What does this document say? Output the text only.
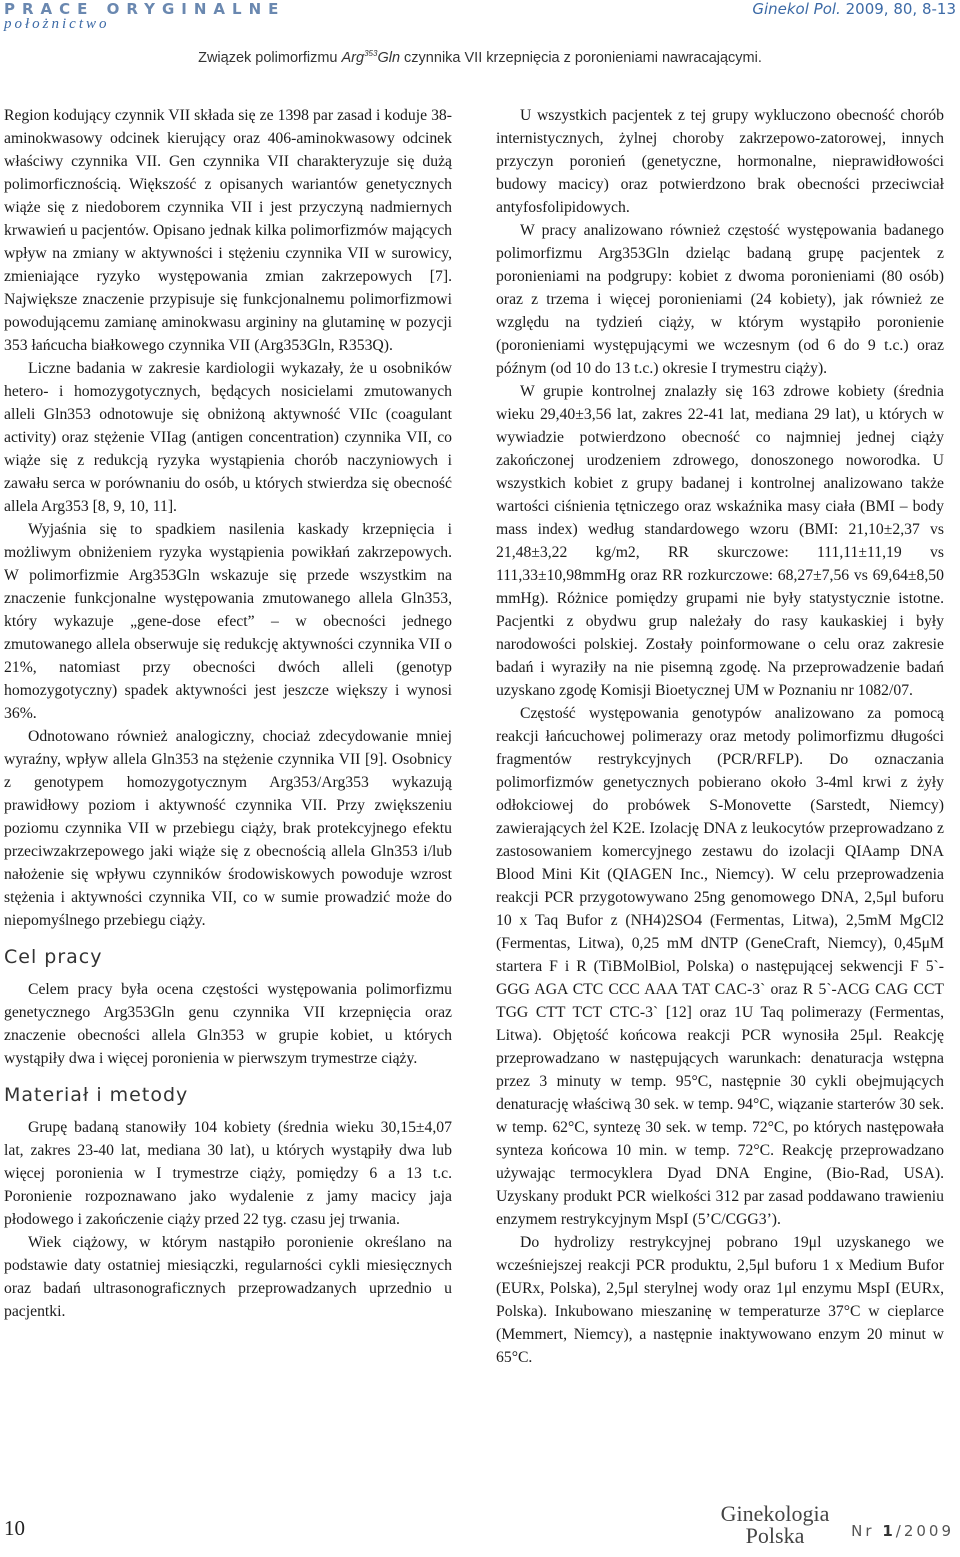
PRACE ORYGINALNE
położnictwo
Ginekol Pol. 2009, 80, 8-13
Związek polimorfizmu Arg$^{353}$Gln czynnika VII krzepnięcia z poronieniami nawracającymi.

Region kodujący czynnik VII składa się ze 1398 par zasad i koduje 38-aminokwasowy odcinek kierujący oraz 406-aminokwasowy odcinek właściwy czynnika VII. Gen czynnika VII charakteryzuje się dużą polimorficznością. Większość z opisanych wariantów genetycznych wiąże się z niedoborem czynnika VII i jest przyczyną nadmiernych krwawień u pacjentów. Opisano jednak kilka polimorfizmów mających wpływ na zmiany w aktywności i stężeniu czynnika VII w surowicy, zmieniające ryzyko występowania zmian zakrzepowych [7]. Największe znaczenie przypisuje się funkcjonalnemu polimorfizmowi powodującemu zamianę aminokwasu argininy na glutaminę w pozycji 353 łańcucha białkowego czynnika VII (Arg353Gln, R353Q).

Liczne badania w zakresie kardiologii wykazały, że u osobników hetero- i homozygotycznych, będących nosicielami zmutowanych alleli Gln353 odnotowuje się obniżoną aktywność VIIc (coagulant activity) oraz stężenie VIIag (antigen concentration) czynnika VII, co wiąże się z redukcją ryzyka wystąpienia chorób naczyniowych i zawału serca w porównaniu do osób, u których stwierdza się obecność allela Arg353 [8, 9, 10, 11].

Wyjaśnia się to spadkiem nasilenia kaskady krzepnięcia i możliwym obniżeniem ryzyka wystąpienia powikłań zakrzepowych. W polimorfizmie Arg353Gln wskazuje się przede wszystkim na znaczenie funkcjonalne występowania zmutowanego allela Gln353, który wykazuje „gene-dose efect” – w obecności jednego zmutowanego allela obserwuje się redukcję aktywności czynnika VII o 21%, natomiast przy obecności dwóch alleli (genotyp homozygotyczny) spadek aktywności jest jeszcze większy i wynosi 36%.

Odnotowano również analogiczny, chociaż zdecydowanie mniej wyraźny, wpływ allela Gln353 na stężenie czynnika VII [9]. Osobnicy z genotypem homozygotycznym Arg353/Arg353 wykazują prawidłowy poziom i aktywność czynnika VII. Przy zwiększeniu poziomu czynnika VII w przebiegu ciąży, brak protekcyjnego efektu przeciwzakrzepowego jaki wiąże się z obecnością allela Gln353 i/lub nałożenie się wpływu czynników środowiskowych powoduje wzrost stężenia i aktywności czynnika VII, co w sumie prowadzić może do niepomyślnego przebiegu ciąży.

Cel pracy

Celem pracy była ocena częstości występowania polimorfizmu genetycznego Arg353Gln genu czynnika VII krzepnięcia oraz znaczenie obecności allela Gln353 w grupie kobiet, u których wystąpiły dwa i więcej poronienia w pierwszym trymestrze ciąży.

Materiał i metody

Grupę badaną stanowiły 104 kobiety (średnia wieku 30,15±4,07 lat, zakres 23-40 lat, mediana 30 lat), u których wystąpiły dwa lub więcej poronienia w I trymestrze ciąży, pomiędzy 6 a 13 t.c. Poronienie rozpoznawano jako wydalenie z jamy macicy jaja płodowego i zakończenie ciąży przed 22 tyg. czasu jej trwania.

Wiek ciążowy, w którym nastąpiło poronienie określano na podstawie daty ostatniej miesiączki, regularności cykli miesięcznych oraz badań ultrasonograficznych przeprowadzanych uprzednio u pacjentki.

U wszystkich pacjentek z tej grupy wykluczono obecność chorób internistycznych, żylnej choroby zakrzepowo-zatorowej, innych przyczyn poronień (genetyczne, hormonalne, nieprawidłowości budowy macicy) oraz potwierdzono brak obecności przeciwciał antyfosfolipidowych.

W pracy analizowano również częstość występowania badanego polimorfizmu Arg353Gln dzieląc badaną grupę pacjentek z poronieniami na podgrupy: kobiet z dwoma poronieniami (80 osób) oraz z trzema i więcej poronieniami (24 kobiety), jak również ze względu na tydzień ciąży, w którym wystąpiło poronienie (poronieniami występującymi we wczesnym (od 6 do 9 t.c.) oraz późnym (od 10 do 13 t.c.) okresie I trymestru ciąży).

W grupie kontrolnej znalazły się 163 zdrowe kobiety (średnia wieku 29,40±3,56 lat, zakres 22-41 lat, mediana 29 lat), u których w wywiadzie potwierdzono obecność co najmniej jednej ciąży zakończonej urodzeniem zdrowego, donoszonego noworodka. U wszystkich kobiet z grupy badanej i kontrolnej analizowano także wartości ciśnienia tętniczego oraz wskaźnika masy ciała (BMI – body mass index) według standardowego wzoru (BMI: 21,10±2,37 vs 21,48±3,22 kg/m2, RR skurczowe: 111,11±11,19 vs 111,33±10,98mmHg oraz RR rozkurczowe: 68,27±7,56 vs 69,64±8,50 mmHg). Różnice pomiędzy grupami nie były statystycznie istotne. Pacjentki z obydwu grup należały do rasy kaukaskiej i były narodowości polskiej. Zostały poinformowane o celu oraz zakresie badań i wyraziły na nie pisemną zgodę. Na przeprowadzenie badań uzyskano zgodę Komisji Bioetycznej UM w Poznaniu nr 1082/07.

Częstość występowania genotypów analizowano za pomocą reakcji łańcuchowej polimerazy oraz metody polimorfizmu długości fragmentów restrykcyjnych (PCR/RFLP). Do oznaczania polimorfizmów genetycznych pobierano około 3-4ml krwi z żyły odłokciowej do probówek S-Monovette (Sarstedt, Niemcy) zawierających żel K2E. Izolację DNA z leukocytów przeprowadzano z zastosowaniem komercyjnego zestawu do izolacji QIAamp DNA Blood Mini Kit (QIAGEN Inc., Niemcy). W celu przeprowadzenia reakcji PCR przygotowywano 25ng genomowego DNA, 2,5μl buforu 10 x Taq Bufor z (NH4)2SO4 (Fermentas, Litwa), 2,5mM MgCl2 (Fermentas, Litwa), 0,25 mM dNTP (GeneCraft, Niemcy), 0,45μM startera F i R (TiBMolBiol, Polska) o następującej sekwencji F 5`-GGG AGA CTC CCC AAA TAT CAC-3` oraz R 5`-ACG CAG CCT TGG CTT TCT CTC-3` [12] oraz 1U Taq polimerazy (Fermentas, Litwa). Objętość końcowa reakcji PCR wynosiła 25μl. Reakcję przeprowadzano w następujących warunkach: denaturacja wstępna przez 3 minuty w temp. 95°C, następnie 30 cykli obejmujących denaturację właściwą 30 sek. w temp. 94°C, wiązanie starterów 30 sek. w temp. 62°C, syntezę 30 sek. w temp. 72°C, po których następowała synteza końcowa 10 min. w temp. 72°C. Reakcję przeprowadzano używając termocyklera Dyad DNA Engine, (Bio-Rad, USA). Uzyskany produkt PCR wielkości 312 par zasad poddawano trawieniu enzymem restrykcyjnym MspI (5’C/CGG3’).

Do hydrolizy restrykcyjnej pobrano 19μl uzyskanego we wcześniejszej reakcji PCR produktu, 2,5μl buforu 1 x Medium Bufor (EURx, Polska), 2,5μl sterylnej wody oraz 1μl enzymu MspI (EURx, Polska). Inkubowano mieszaninę w temperaturze 37°C w cieplarce (Memmert, Niemcy), a następnie inaktywowano enzym 20 minut w 65°C.

10
Ginekologia
Polska	Nr 1/2009
